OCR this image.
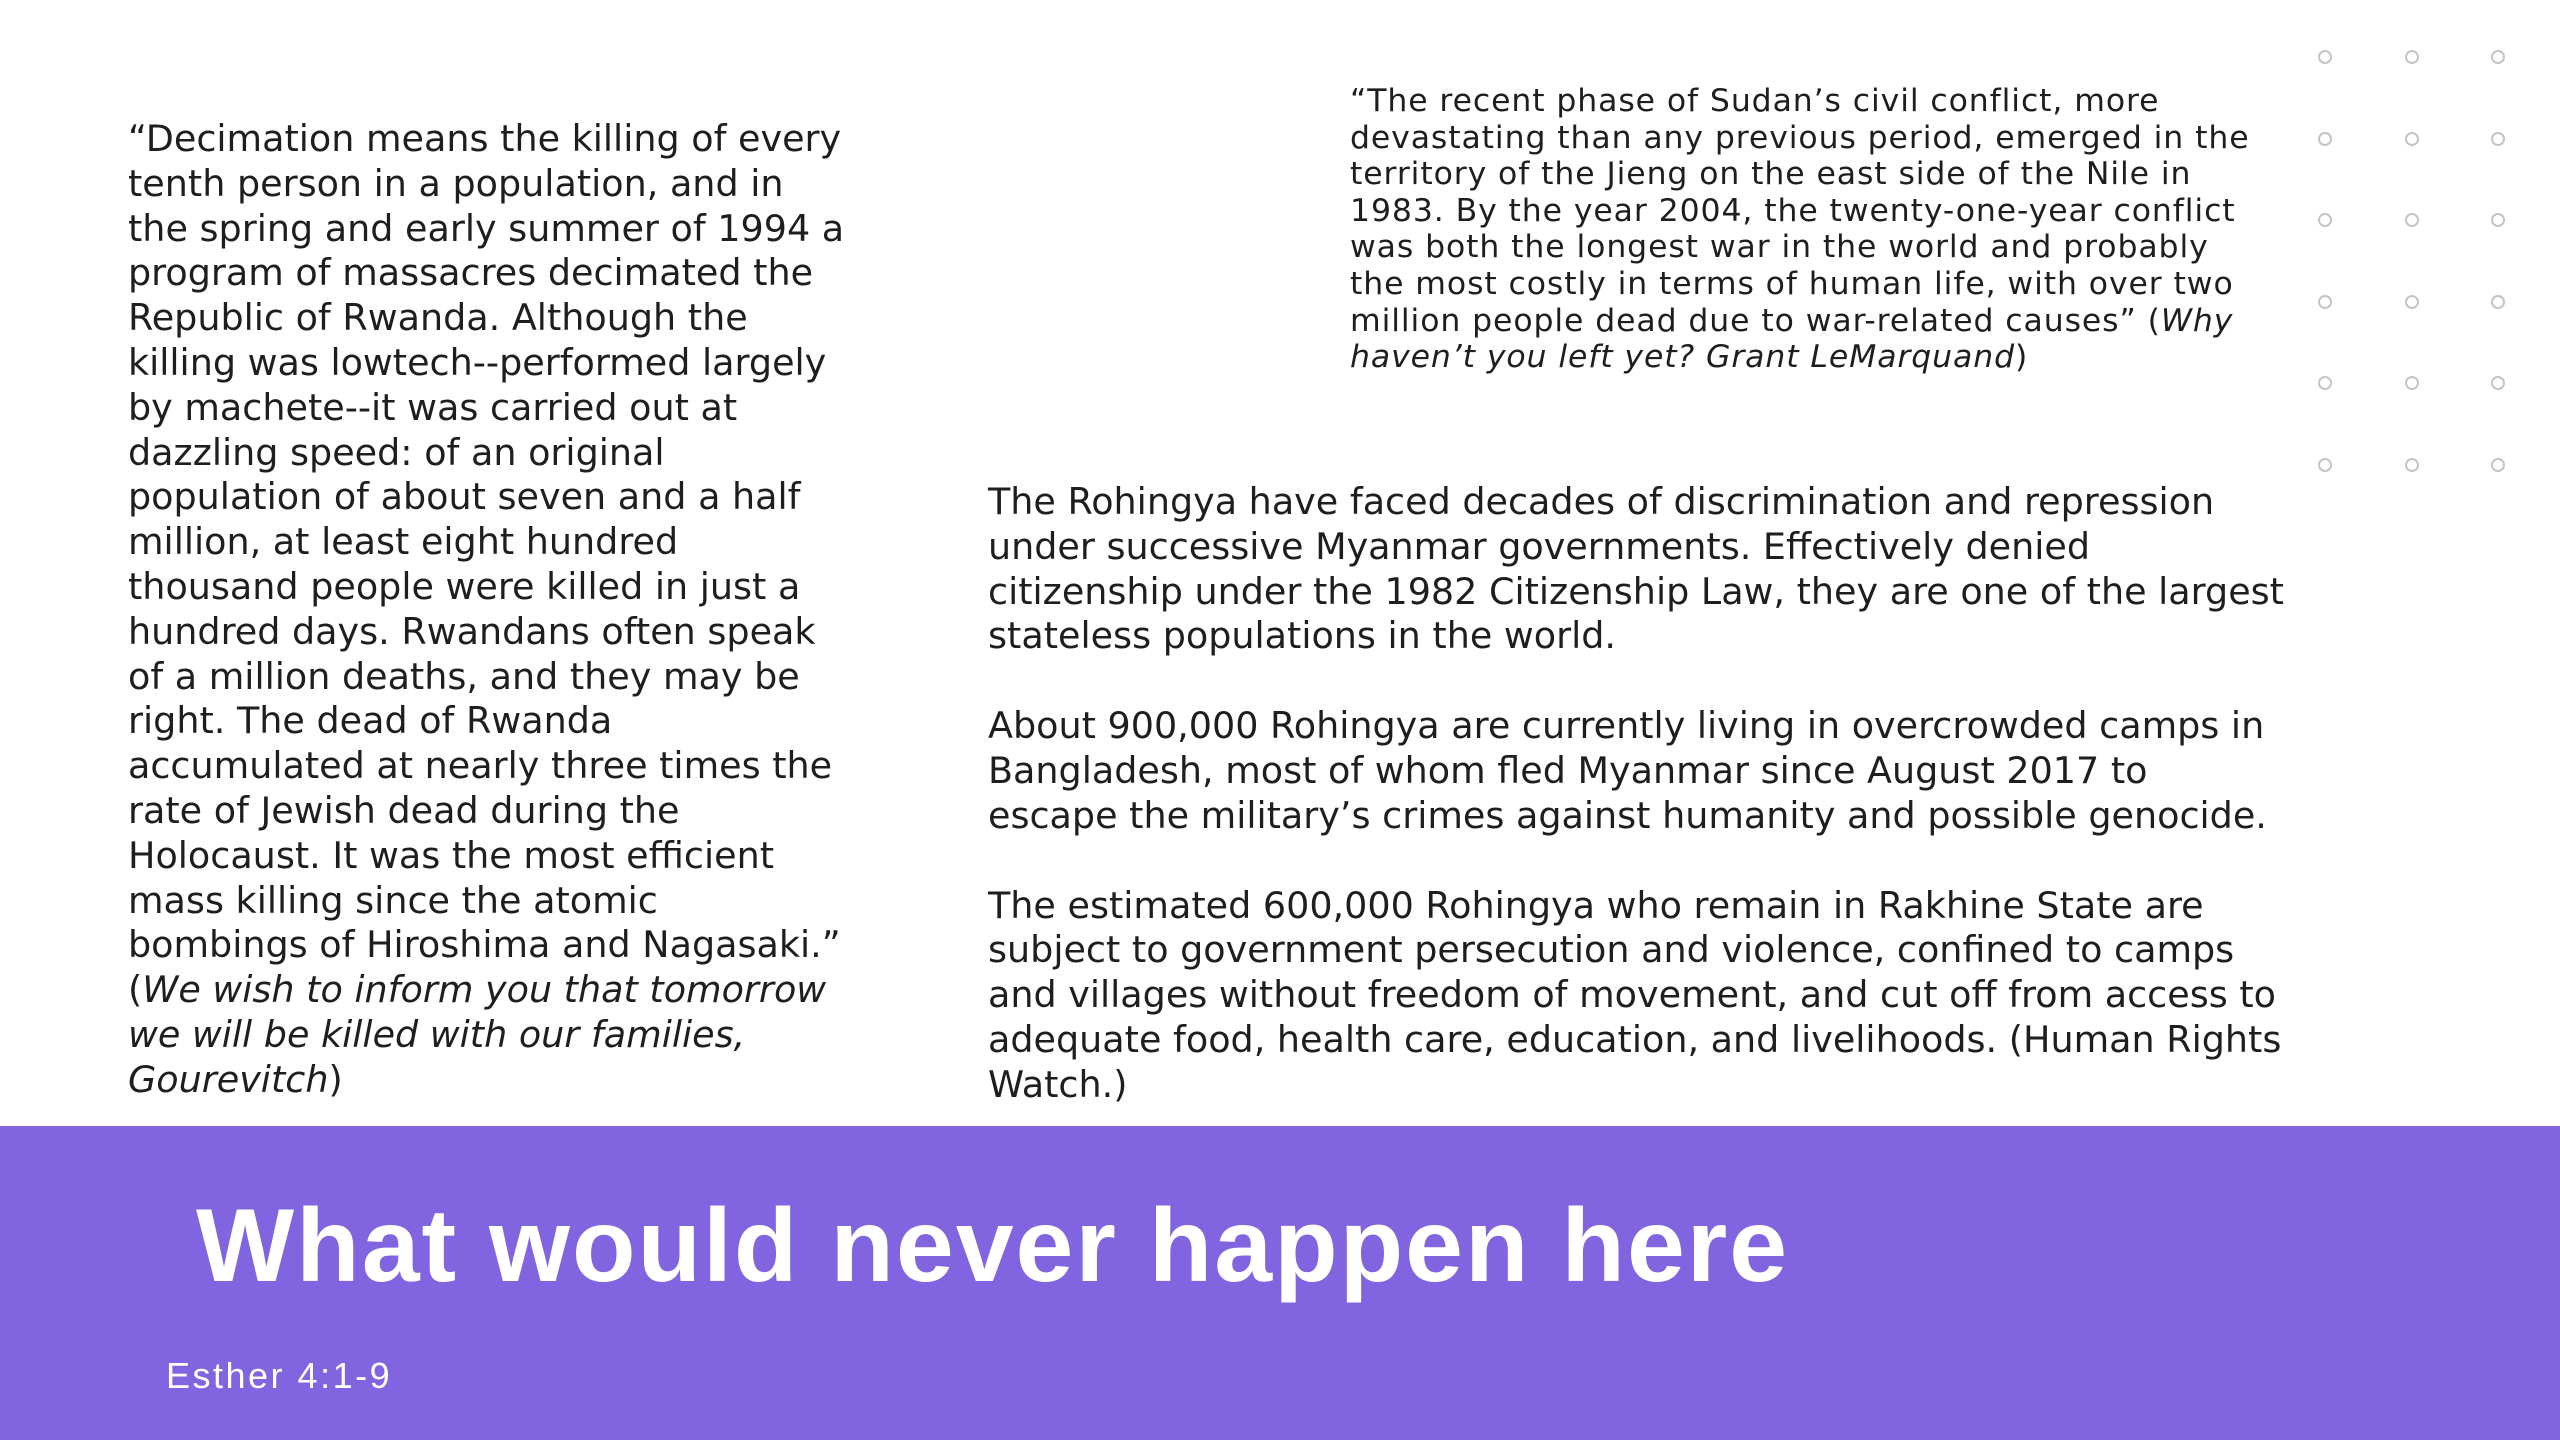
“Decimation means the killing of every tenth person in a population, and in the spring and early summer of 1994 a program of massacres decimated the Republic of Rwanda. Although the killing was lowtech--performed largely by machete--it was carried out at dazzling speed: of an original population of about seven and a half million, at least eight hundred thousand people were killed in just a hundred days. Rwandans often speak of a million deaths, and they may be right. The dead of Rwanda accumulated at nearly three times the rate of Jewish dead during the Holocaust. It was the most efficient mass killing since the atomic bombings of Hiroshima and Nagasaki.” (We wish to inform you that tomorrow we will be killed with our families, Gourevitch)
“The recent phase of Sudan’s civil conflict, more devastating than any previous period, emerged in the territory of the Jieng on the east side of the Nile in 1983. By the year 2004, the twenty-one-year conflict was both the longest war in the world and probably the most costly in terms of human life, with over two million people dead due to war-related causes” (Why haven’t you left yet? Grant LeMarquand)

The Rohingya have faced decades of discrimination and repression under successive Myanmar governments. Effectively denied citizenship under the 1982 Citizenship Law, they are one of the largest stateless populations in the world.

About 900,000 Rohingya are currently living in overcrowded camps in Bangladesh, most of whom fled Myanmar since August 2017 to escape the military’s crimes against humanity and possible genocide.

The estimated 600,000 Rohingya who remain in Rakhine State are subject to government persecution and violence, confined to camps and villages without freedom of movement, and cut off from access to adequate food, health care, education, and livelihoods. (Human Rights Watch.)

What would never happen here
Esther 4:1-9
